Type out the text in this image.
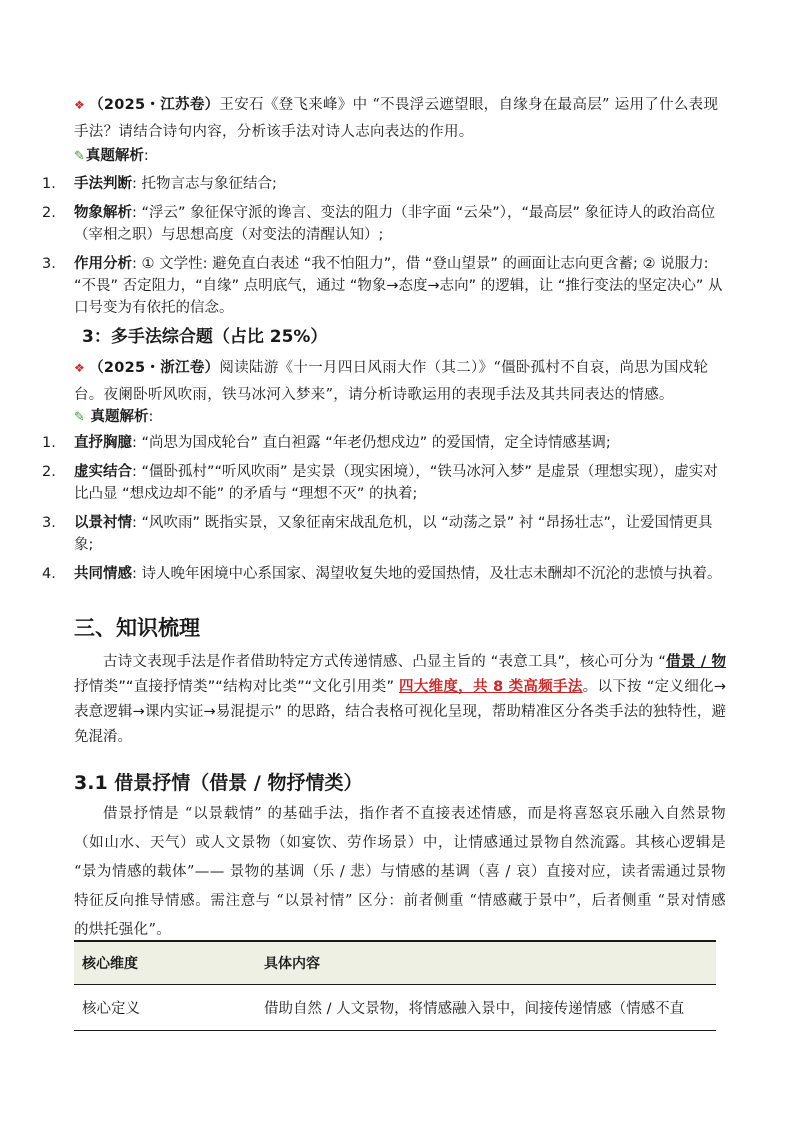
❖ （2025・江苏卷）王安石《登飞来峰》中 “不畏浮云遮望眼，自缘身在最高层” 运用了什么表现手法？请结合诗句内容，分析该手法对诗人志向表达的作用。
✎真题解析:
1. 手法判断: 托物言志与象征结合;
2. 物象解析: “浮云” 象征保守派的谗言、变法的阻力（非字面 “云朵”），“最高层” 象征诗人的政治高位（宰相之职）与思想高度（对变法的清醒认知）;
3. 作用分析: ① 文学性: 避免直白表述 “我不怕阻力”，借 “登山望景” 的画面让志向更含蓄; ② 说服力: “不畏” 否定阻力，“自缘” 点明底气，通过 “物象→态度→志向” 的逻辑，让 “推行变法的坚定决心” 从口号变为有依托的信念。
3：多手法综合题（占比 25%）
❖ （2025・浙江卷）阅读陆游《十一月四日风雨大作（其二）》“僵卧孤村不自哀，尚思为国戍轮台。夜阑卧听风吹雨，铁马冰河入梦来”，请分析诗歌运用的表现手法及其共同表达的情感。
✎ 真题解析:
1. 直抒胸臆: “尚思为国戍轮台” 直白袒露 “年老仍想戍边” 的爱国情，定全诗情感基调;
2. 虚实结合: “僵卧孤村”“听风吹雨” 是实景（现实困境），“铁马冰河入梦” 是虚景（理想实现），虚实对比凸显 “想戍边却不能” 的矛盾与 “理想不灭” 的执着;
3. 以景衬情: “风吹雨” 既指实景，又象征南宋战乱危机，以 “动荡之景” 衬 “昂扬壮志”，让爱国情更具象;
4. 共同情感: 诗人晚年困境中心系国家、渴望收复失地的爱国热情，及壮志未酬却不沉沦的悲愤与执着。
三、知识梳理

古诗文表现手法是作者借助特定方式传递情感、凸显主旨的 “表意工具”，核心可分为 “借景 / 物抒情类”“直接抒情类”“结构对比类”“文化引用类” 四大维度，共 8 类高频手法。以下按 “定义细化→表意逻辑→课内实证→易混提示” 的思路，结合表格可视化呈现，帮助精准区分各类手法的独特性，避免混淆。

3.1 借景抒情（借景 / 物抒情类）

借景抒情是 “以景载情” 的基础手法，指作者不直接表述情感，而是将喜怒哀乐融入自然景物（如山水、天气）或人文景物（如宴饮、劳作场景）中，让情感通过景物自然流露。其核心逻辑是 “景为情感的载体”—— 景物的基调（乐 / 悲）与情感的基调（喜 / 哀）直接对应，读者需通过景物特征反向推导情感。需注意与 “以景衬情” 区分：前者侧重 “情感藏于景中”，后者侧重 “景对情感的烘托强化”。

核心维度	具体内容
核心定义	借助自然 / 人文景物，将情感融入景中，间接传递情感（情感不直
